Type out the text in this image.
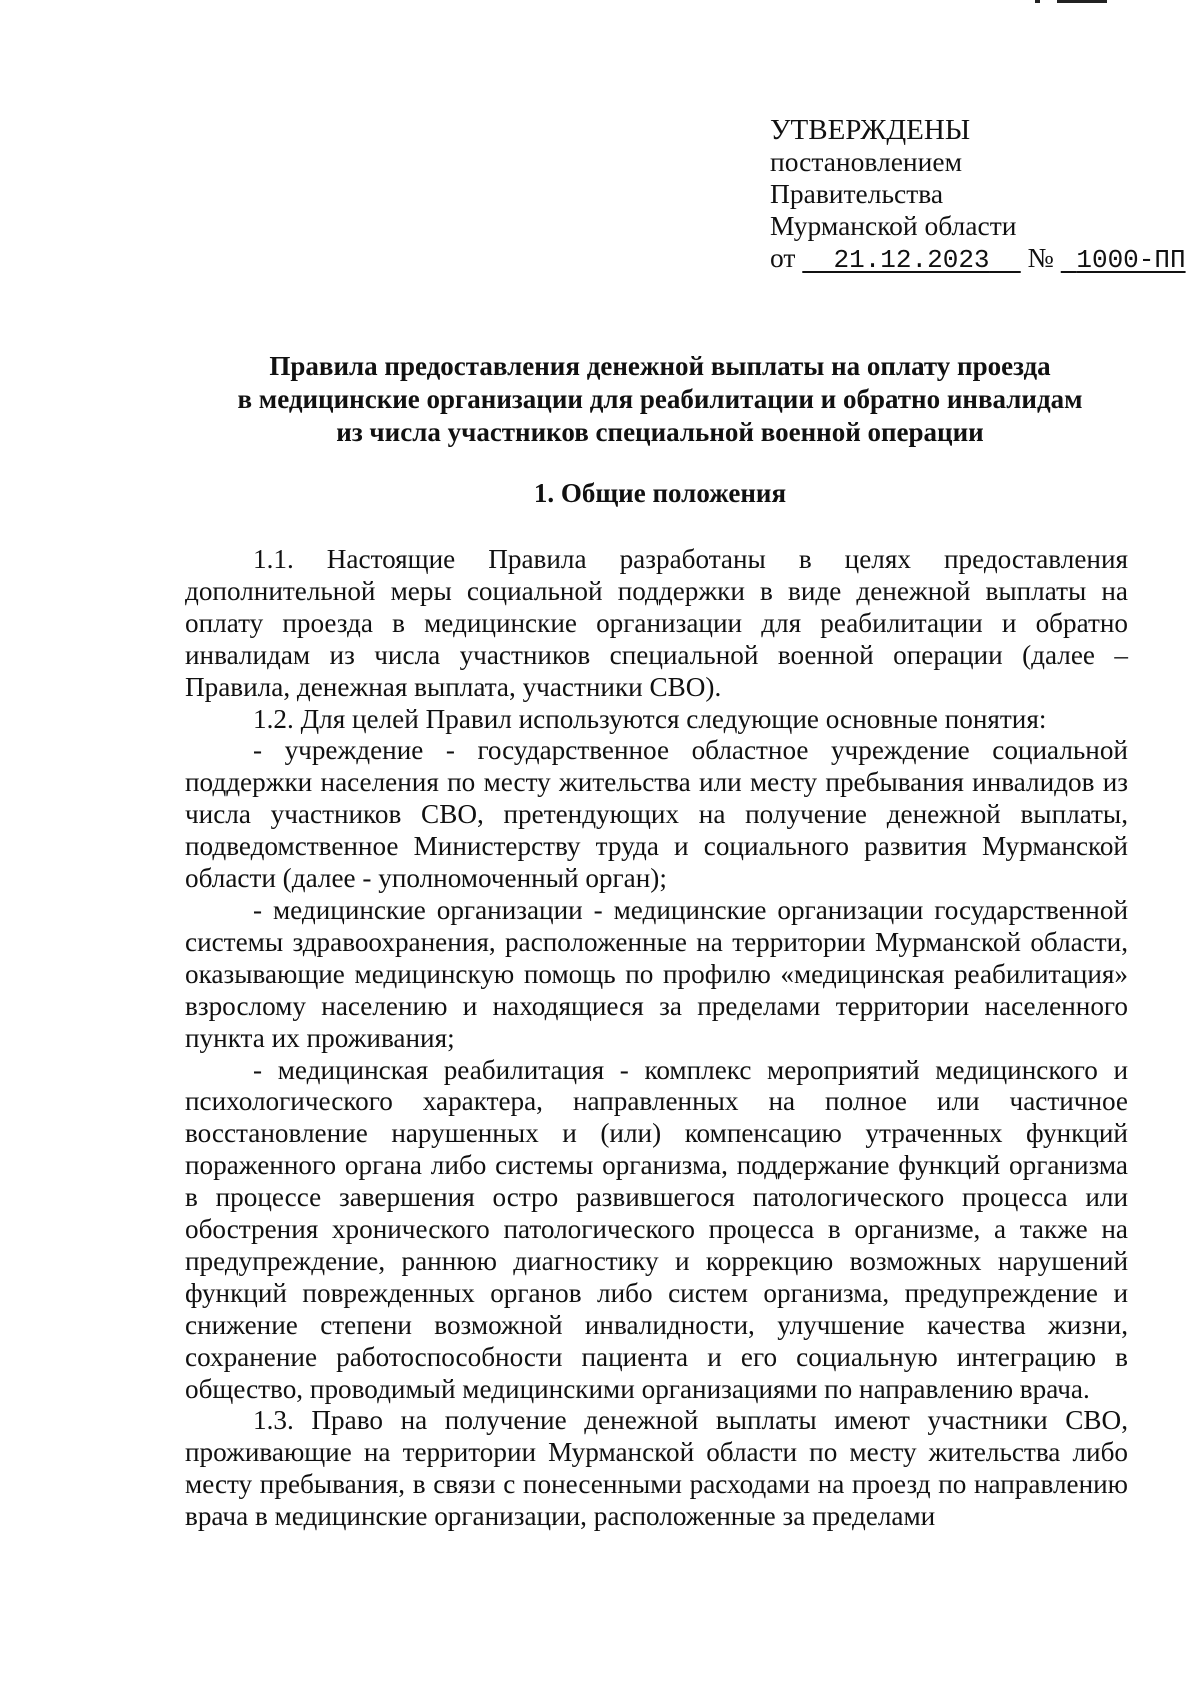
УТВЕРЖДЕНЫ
постановлением
Правительства
Мурманской области
от 21.12.2023 № 1000-ПП
Правила предоставления денежной выплаты на оплату проезда
в медицинские организации для реабилитации и обратно инвалидам
из числа участников специальной военной операции
1. Общие положения

1.1. Настоящие Правила разработаны в целях предоставления дополнительной меры социальной поддержки в виде денежной выплаты на оплату проезда в медицинские организации для реабилитации и обратно инвалидам из числа участников специальной военной операции (далее – Правила, денежная выплата, участники СВО).

1.2. Для целей Правил используются следующие основные понятия:

- учреждение - государственное областное учреждение социальной поддержки населения по месту жительства или месту пребывания инвалидов из числа участников СВО, претендующих на получение денежной выплаты, подведомственное Министерству труда и социального развития Мурманской области (далее - уполномоченный орган);

- медицинские организации - медицинские организации государственной системы здравоохранения, расположенные на территории Мурманской области, оказывающие медицинскую помощь по профилю «медицинская реабилитация» взрослому населению и находящиеся за пределами территории населенного пункта их проживания;

- медицинская реабилитация - комплекс мероприятий медицинского и психологического характера, направленных на полное или частичное восстановление нарушенных и (или) компенсацию утраченных функций пораженного органа либо системы организма, поддержание функций организма в процессе завершения остро развившегося патологического процесса или обострения хронического патологического процесса в организме, а также на предупреждение, раннюю диагностику и коррекцию возможных нарушений функций поврежденных органов либо систем организма, предупреждение и снижение степени возможной инвалидности, улучшение качества жизни, сохранение работоспособности пациента и его социальную интеграцию в общество, проводимый медицинскими организациями по направлению врача.

1.3. Право на получение денежной выплаты имеют участники СВО, проживающие на территории Мурманской области по месту жительства либо месту пребывания, в связи с понесенными расходами на проезд по направлению врача в медицинские организации, расположенные за пределами
